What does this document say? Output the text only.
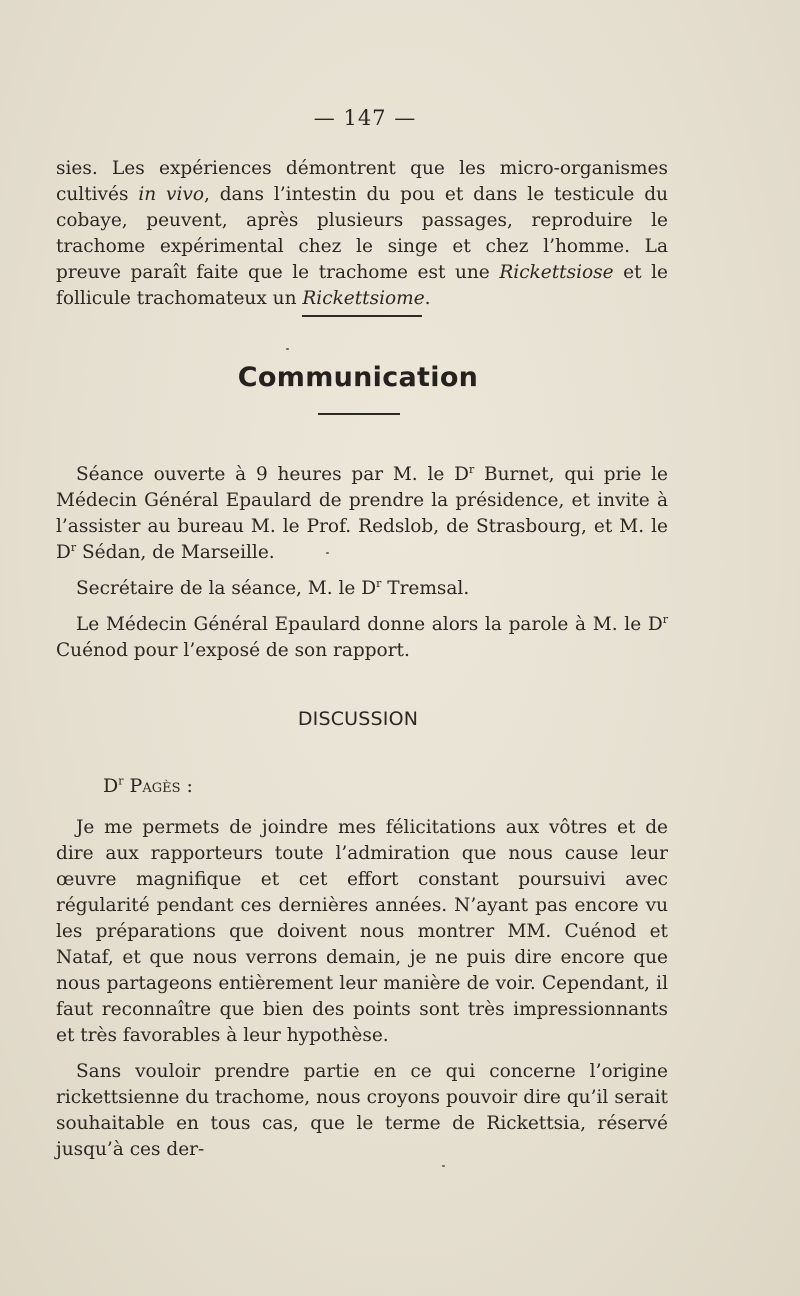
— 147 —

sies. Les expériences démontrent que les micro-organismes cultivés in vivo, dans l’intestin du pou et dans le testicule du cobaye, peuvent, après plusieurs passages, reproduire le trachome expérimental chez le singe et chez l’homme. La preuve paraît faite que le trachome est une Rickettsiose et le follicule trachomateux un Rickettsiome.

Communication

Séance ouverte à 9 heures par M. le $D^r$ Burnet, qui prie le Médecin Général Epaulard de prendre la présidence, et invite à l’assister au bureau M. le Prof. Redslob, de Strasbourg, et M. le $D^r$ Sédan, de Marseille.

Secrétaire de la séance, M. le $D^r$ Tremsal.

Le Médecin Général Epaulard donne alors la parole à M. le $D^r$ Cuénod pour l’exposé de son rapport.

DISCUSSION
$D^r$ Pagès :

Je me permets de joindre mes félicitations aux vôtres et de dire aux rapporteurs toute l’admiration que nous cause leur œuvre magnifique et cet effort constant poursuivi avec régularité pendant ces dernières années. N’ayant pas encore vu les préparations que doivent nous montrer MM. Cuénod et Nataf, et que nous verrons demain, je ne puis dire encore que nous partageons entièrement leur manière de voir. Cependant, il faut reconnaître que bien des points sont très impressionnants et très favorables à leur hypothèse.

Sans vouloir prendre partie en ce qui concerne l’origine rickettsienne du trachome, nous croyons pouvoir dire qu’il serait souhaitable en tous cas, que le terme de Rickettsia, réservé jusqu’à ces der-
